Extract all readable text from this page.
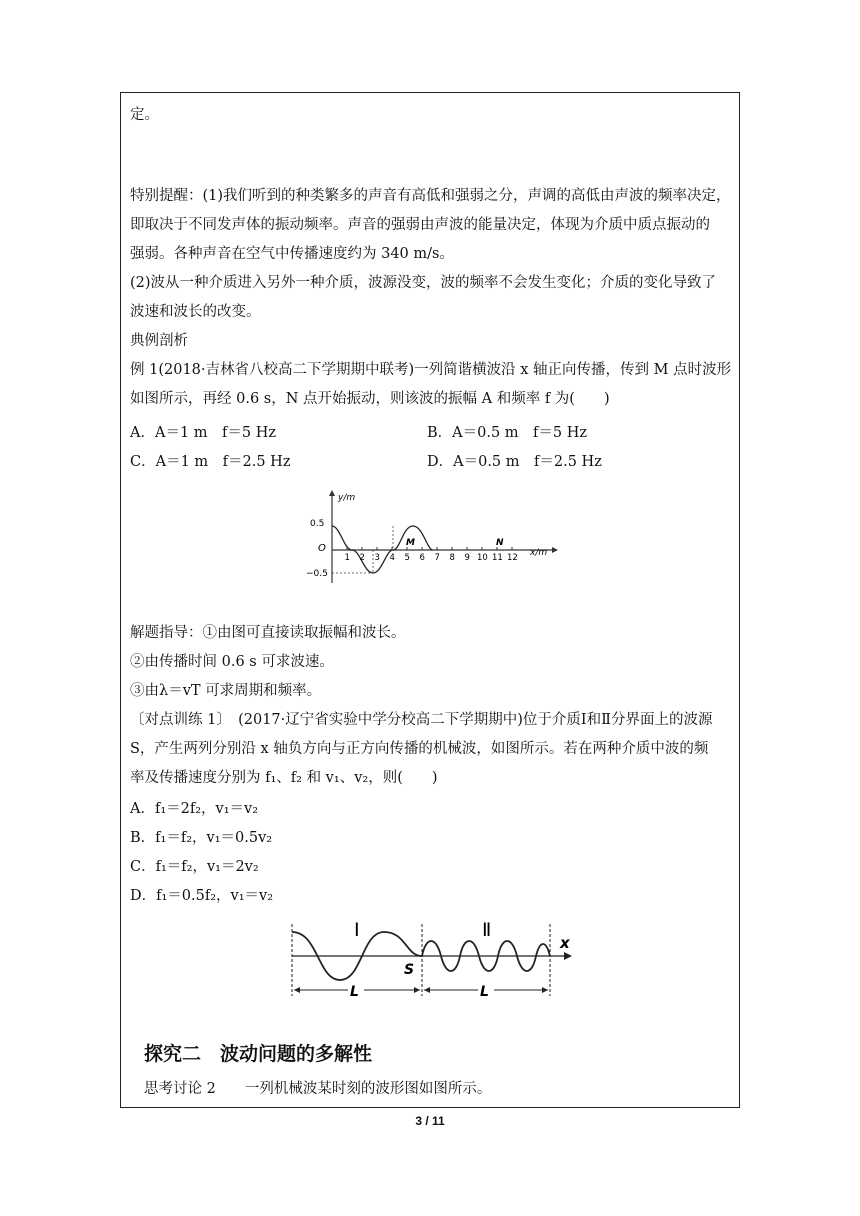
定。
特别提醒：(1)我们听到的种类繁多的声音有高低和强弱之分，声调的高低由声波的频率决定，
即取决于不同发声体的振动频率。声音的强弱由声波的能量决定，体现为介质中质点振动的
强弱。各种声音在空气中传播速度约为 340 m/s。
(2)波从一种介质进入另外一种介质，波源没变，波的频率不会发生变化；介质的变化导致了
波速和波长的改变。
典例剖析
例 1(2018·吉林省八校高二下学期期中联考)一列简谐横波沿 x 轴正向传播，传到 M 点时波形
如图所示，再经 0.6 s，N 点开始振动，则该波的振幅 A 和频率 f 为(　　)
A．A＝1 m　f＝5 Hz	B．A＝0.5 m　f＝5 Hz
C．A＝1 m　f＝2.5 Hz	D．A＝0.5 m　f＝2.5 Hz
y/m
x/m
O
0.5
−0.5
1 2 3 4 5 6 7 8 9 10 11 12
M	N
解题指导：①由图可直接读取振幅和波长。
②由传播时间 0.6 s 可求波速。
③由λ＝vT 可求周期和频率。
〔对点训练 1〕　(2017·辽宁省实验中学分校高二下学期期中)位于介质Ⅰ和Ⅱ分界面上的波源
S，产生两列分别沿 x 轴负方向与正方向传播的机械波，如图所示。若在两种介质中波的频
率及传播速度分别为 f₁、f₂ 和 v₁、v₂，则(　　)
A．f₁＝2f₂，v₁＝v₂
B．f₁＝f₂，v₁＝0.5v₂
C．f₁＝f₂，v₁＝2v₂
D．f₁＝0.5f₂，v₁＝v₂
Ⅰ	Ⅱ
x
S
L	L
探究二　波动问题的多解性
思考讨论 2　　一列机械波某时刻的波形图如图所示。
3 / 11
